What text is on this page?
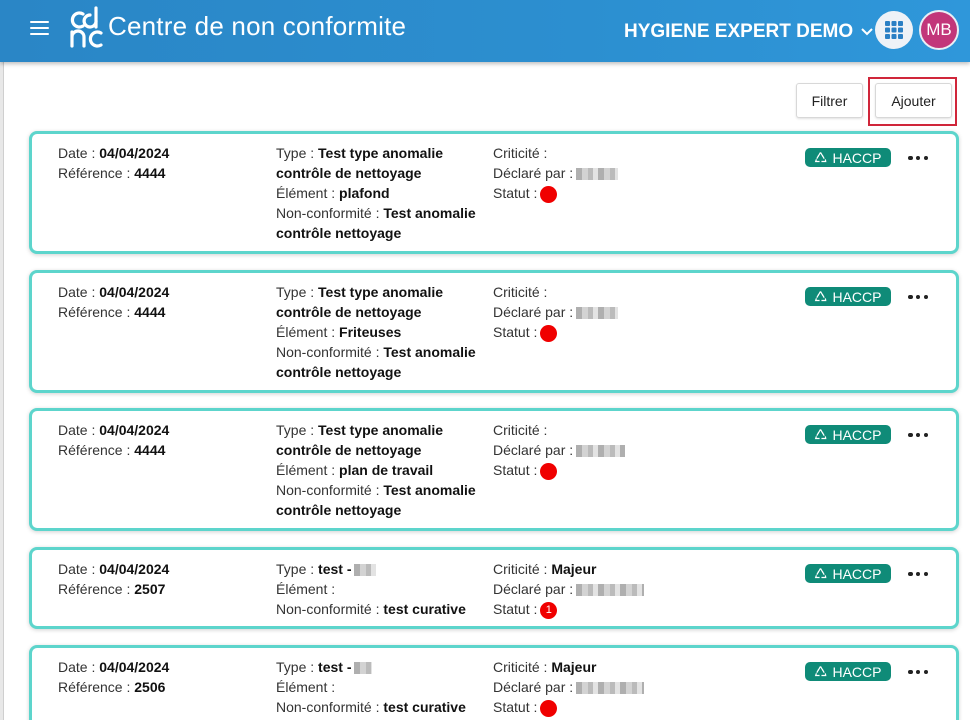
Centre de non conformite	HYGIENE EXPERT DEMO	MB
Filtrer	Ajouter
Date : 04/04/2024
Référence : 4444
Type : Test type anomalie contrôle de nettoyage
Élément : plafond
Non-conformité : Test anomalie contrôle nettoyage
Criticité :
Déclaré par :
Statut :
HACCP
Date : 04/04/2024
Référence : 4444
Type : Test type anomalie contrôle de nettoyage
Élément : Friteuses
Non-conformité : Test anomalie contrôle nettoyage
Criticité :
Déclaré par :
Statut :
HACCP
Date : 04/04/2024
Référence : 4444
Type : Test type anomalie contrôle de nettoyage
Élément : plan de travail
Non-conformité : Test anomalie contrôle nettoyage
Criticité :
Déclaré par :
Statut :
HACCP
Date : 04/04/2024
Référence : 2507
Type : test -
Élément :
Non-conformité : test curative
Criticité : Majeur
Déclaré par :
Statut : 1
HACCP
Date : 04/04/2024
Référence : 2506
Type : test -
Élément :
Non-conformité : test curative
Criticité : Majeur
Déclaré par :
Statut :
HACCP
